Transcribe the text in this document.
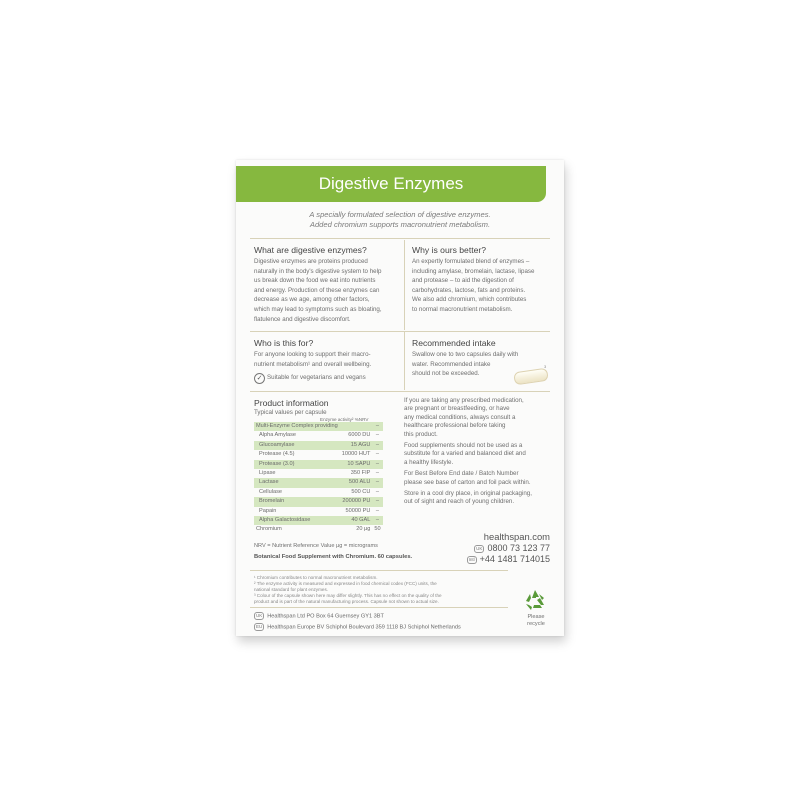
Digestive Enzymes
A specially formulated selection of digestive enzymes.
Added chromium supports macronutrient metabolism.
What are digestive enzymes?
Digestive enzymes are proteins produced
naturally in the body's digestive system to help
us break down the food we eat into nutrients
and energy. Production of these enzymes can
decrease as we age, among other factors,
which may lead to symptoms such as bloating,
flatulence and digestive discomfort.
Why is ours better?
An expertly formulated blend of enzymes –
including amylase, bromelain, lactase, lipase
and protease – to aid the digestion of
carbohydrates, lactose, fats and proteins.
We also add chromium, which contributes
to normal macronutrient metabolism.
Who is this for?
For anyone looking to support their macro-
nutrient metabolism¹ and overall wellbeing.
✓ Suitable for vegetarians and vegans
Recommended intake
Swallow one to two capsules daily with
water. Recommended intake
should not be exceeded.
3
Product information
Typical values per capsule
Enzyme activity² %NRV
Multi-Enzyme Complex providing		–
Alpha Amylase	6000 DU	–
Glucoamylase	15 AGU	–
Protease (4.5)	10000 HUT	–
Protease (3.0)	10 SAPU	–
Lipase	350 FIP	–
Lactase	500 ALU	–
Cellulase	500 CU	–
Bromelain	200000 PU	–
Papain	50000 PU	–
Alpha Galactosidase	40 GAL	–
Chromium	20 µg	50
NRV = Nutrient Reference Value µg = micrograms
Botanical Food Supplement with Chromium. 60 capsules.
If you are taking any prescribed medication,
are pregnant or breastfeeding, or have
any medical conditions, always consult a
healthcare professional before taking
this product.
Food supplements should not be used as a
substitute for a varied and balanced diet and
a healthy lifestyle.
For Best Before End date / Batch Number
please see base of carton and foil pack within.
Store in a cool dry place, in original packaging,
out of sight and reach of young children.
healthspan.com
UK 0800 73 123 77
Intl +44 1481 714015
¹ Chromium contributes to normal macronutrient metabolism.
² The enzyme activity is measured and expressed in food chemical codex (FCC) units, the
national standard for plant enzymes.
³ Colour of the capsule shown here may differ slightly. This has no effect on the quality of the
product and is part of the natural manufacturing process. Capsule not shown to actual size.
Please
recycle
UK Healthspan Ltd PO Box 64 Guernsey GY1 3BT
EU Healthspan Europe BV Schiphol Boulevard 359 1118 BJ Schiphol Netherlands
